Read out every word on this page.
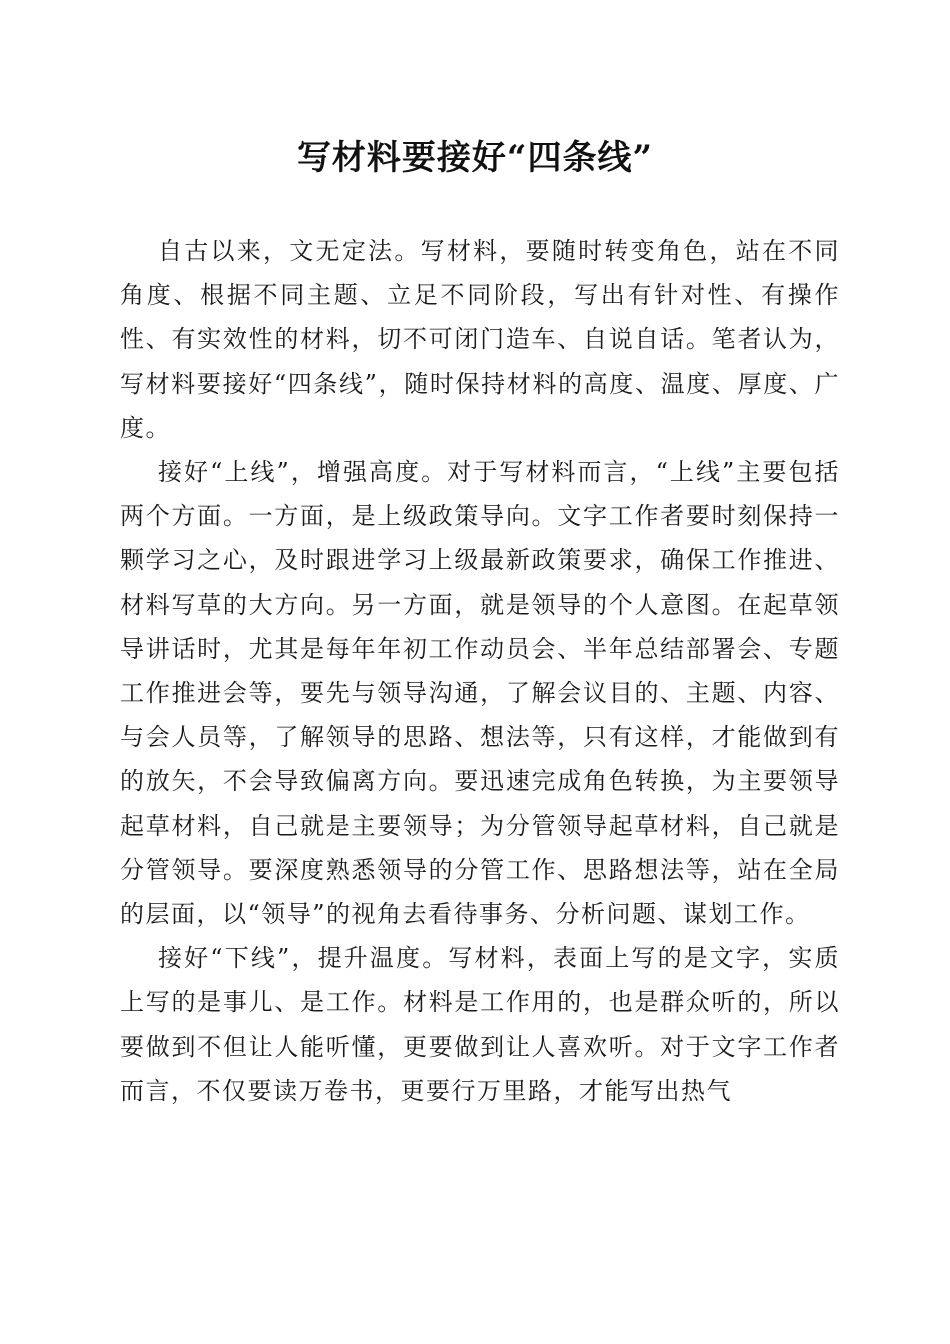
写材料要接好“四条线”

自古以来，文无定法。写材料，要随时转变角色，站在不同角度、根据不同主题、立足不同阶段，写出有针对性、有操作性、有实效性的材料，切不可闭门造车、自说自话。笔者认为，写材料要接好“四条线”，随时保持材料的高度、温度、厚度、广度。

接好“上线”，增强高度。对于写材料而言，“上线”主要包括两个方面。一方面，是上级政策导向。文字工作者要时刻保持一颗学习之心，及时跟进学习上级最新政策要求，确保工作推进、材料写草的大方向。另一方面，就是领导的个人意图。在起草领导讲话时，尤其是每年年初工作动员会、半年总结部署会、专题工作推进会等，要先与领导沟通，了解会议目的、主题、内容、与会人员等，了解领导的思路、想法等，只有这样，才能做到有的放矢，不会导致偏离方向。要迅速完成角色转换，为主要领导起草材料，自己就是主要领导；为分管领导起草材料，自己就是分管领导。要深度熟悉领导的分管工作、思路想法等，站在全局的层面，以“领导”的视角去看待事务、分析问题、谋划工作。

接好“下线”，提升温度。写材料，表面上写的是文字，实质上写的是事儿、是工作。材料是工作用的，也是群众听的，所以要做到不但让人能听懂，更要做到让人喜欢听。对于文字工作者而言，不仅要读万卷书，更要行万里路，才能写出热气
